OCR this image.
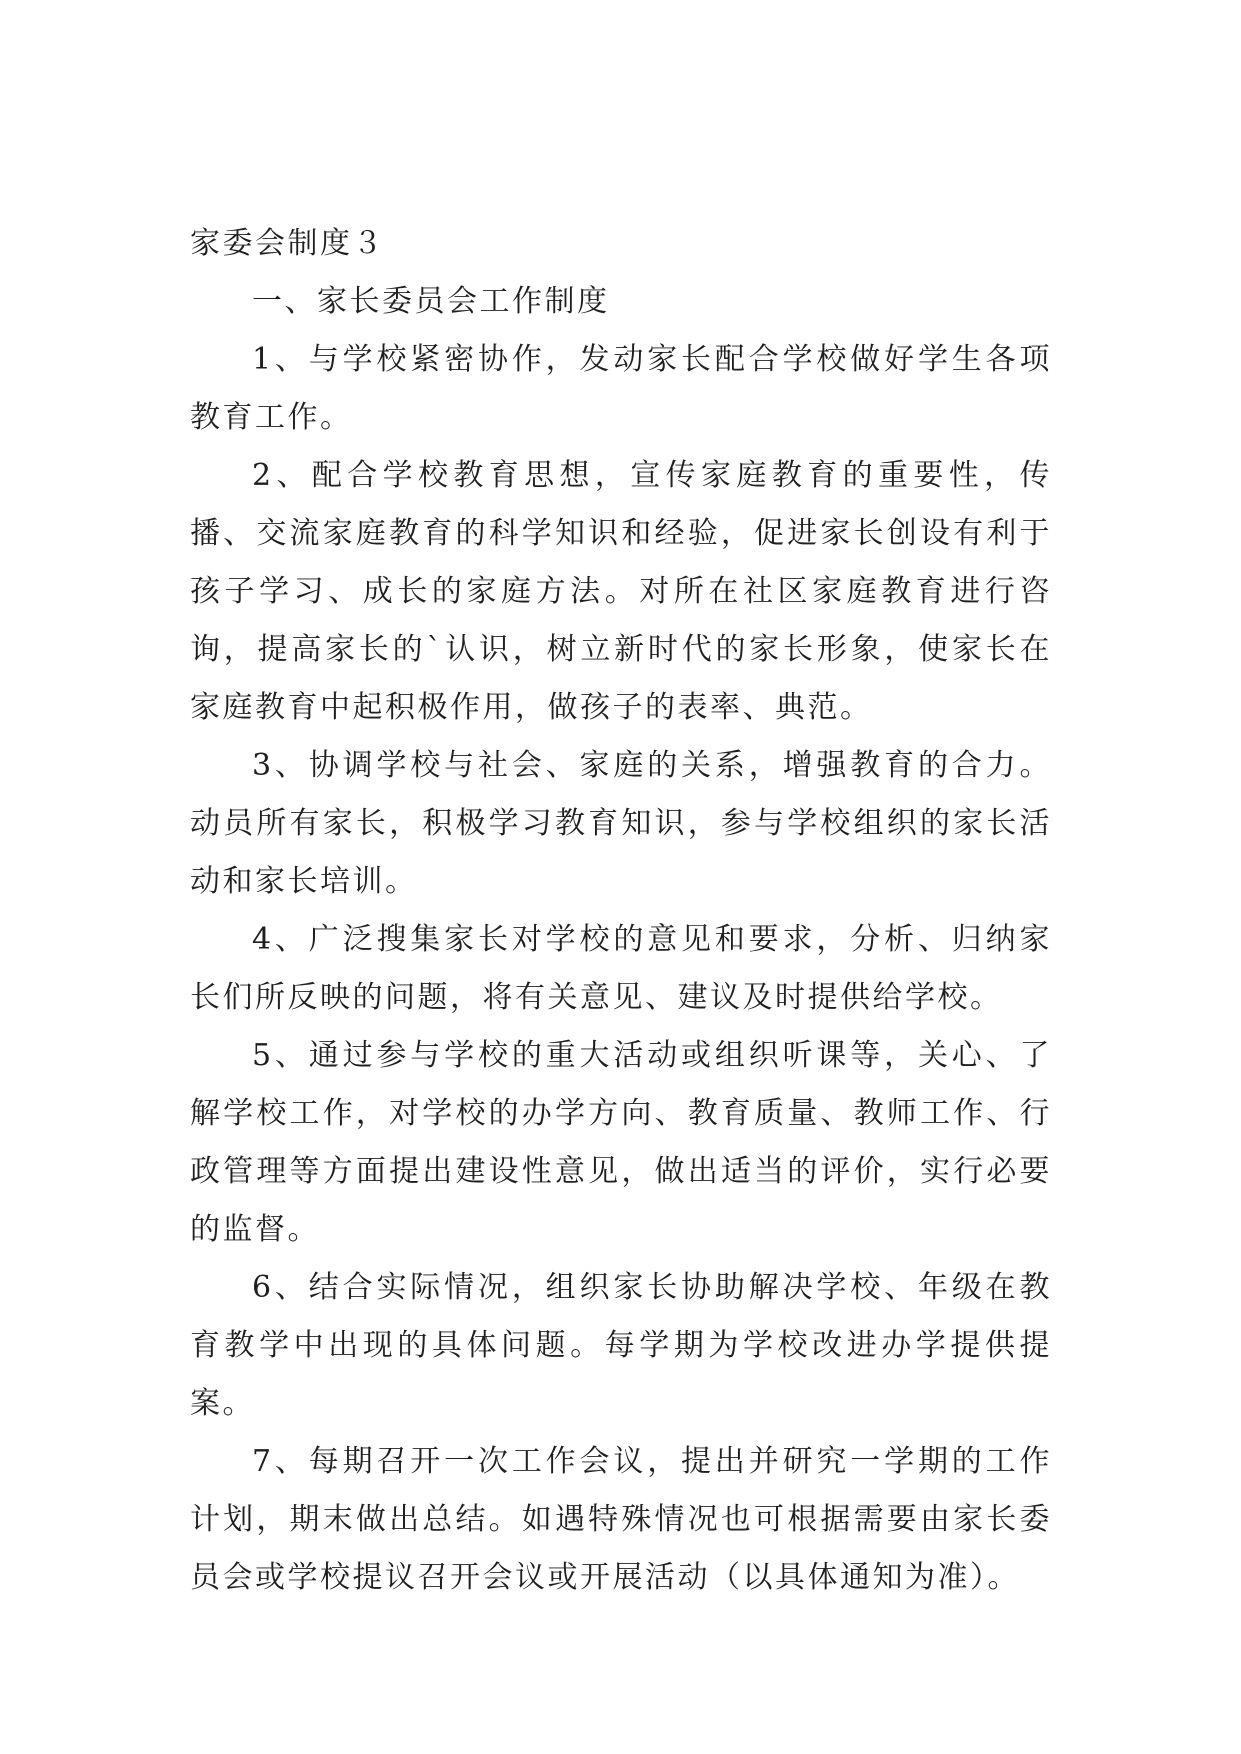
家委会制度３
一、家长委员会工作制度

1、与学校紧密协作，发动家长配合学校做好学生各项教育工作。

2、配合学校教育思想，宣传家庭教育的重要性，传播、交流家庭教育的科学知识和经验，促进家长创设有利于孩子学习、成长的家庭方法。对所在社区家庭教育进行咨询，提高家长的`认识，树立新时代的家长形象，使家长在家庭教育中起积极作用，做孩子的表率、典范。

3、协调学校与社会、家庭的关系，增强教育的合力。动员所有家长，积极学习教育知识，参与学校组织的家长活动和家长培训。

4、广泛搜集家长对学校的意见和要求，分析、归纳家长们所反映的问题，将有关意见、建议及时提供给学校。

5、通过参与学校的重大活动或组织听课等，关心、了解学校工作，对学校的办学方向、教育质量、教师工作、行政管理等方面提出建设性意见，做出适当的评价，实行必要的监督。

6、结合实际情况，组织家长协助解决学校、年级在教育教学中出现的具体问题。每学期为学校改进办学提供提案。

7、每期召开一次工作会议，提出并研究一学期的工作计划，期末做出总结。如遇特殊情况也可根据需要由家长委员会或学校提议召开会议或开展活动（以具体通知为准）。
